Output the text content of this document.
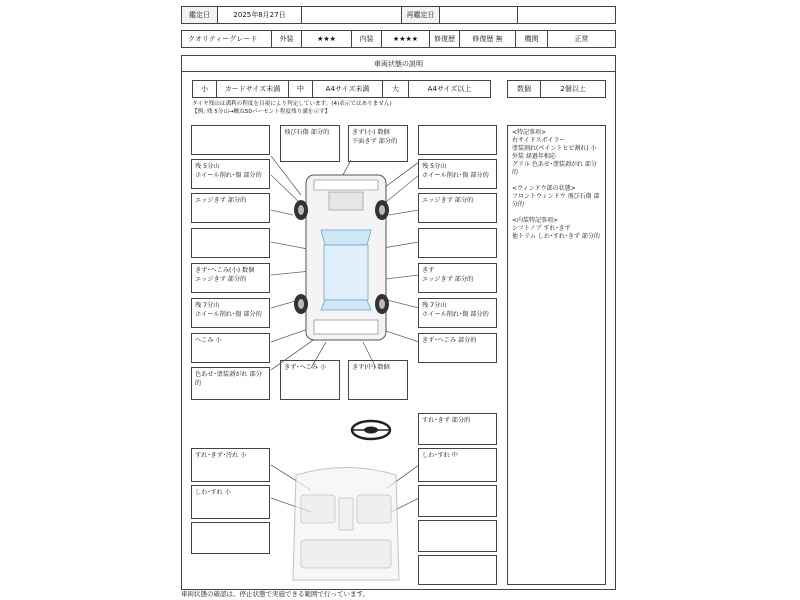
鑑定日	2025年8月27日	再鑑定日
クオリティーグレード	外装	★★★	内装	★★★★	修復歴	修復歴 無	機関	正常
車両状態の説明
小	カードサイズ未満	中	A4サイズ未満	大	A4サイズ以上	数個	2個以上
タイヤ残山は溝利の程度を目視により判定しています。(4)表示ではありません)
【例: 残 5分山→概ね50パーセント程度残り溝を示す】
残 5分山
ホイール削れ･傷 部分的
エッジきず 部分的
きず･へこみ(小) 数個
エッジきず 部分的
残 7分山
ホイール削れ･傷 部分的
へこみ 小
色あせ･塗装剥がれ 部分的
すれ･きず･汚れ 小
しわ･すれ 小
飛び石傷 部分的	きず(小) 数個
下面きず 部分的
残 5分山
ホイール削れ･傷 部分的
エッジきず 部分的
きず
エッジきず 部分的
残 7分山
ホイール削れ･傷 部分的
きず･へこみ 部分的
きず･へこみ 小	きず(中) 数個
すれ･きず 部分的
しわ･すれ 中
<特記事項>
右サイドスポイラー
塗装割れ(ペイントヒビ割れ) 小
外装 経過年相応
グリル 色あせ･塗装剥がれ 部分的

<ウィンドウ部の状態>
フロントウィンドウ 飛び石傷 部分的

<内装特記事項>
シフトノブ すれ･きず
他トリム しわ･すれ･きず 部分的
車両状態の確認は、停止状態で実施できる範囲で行っています。
